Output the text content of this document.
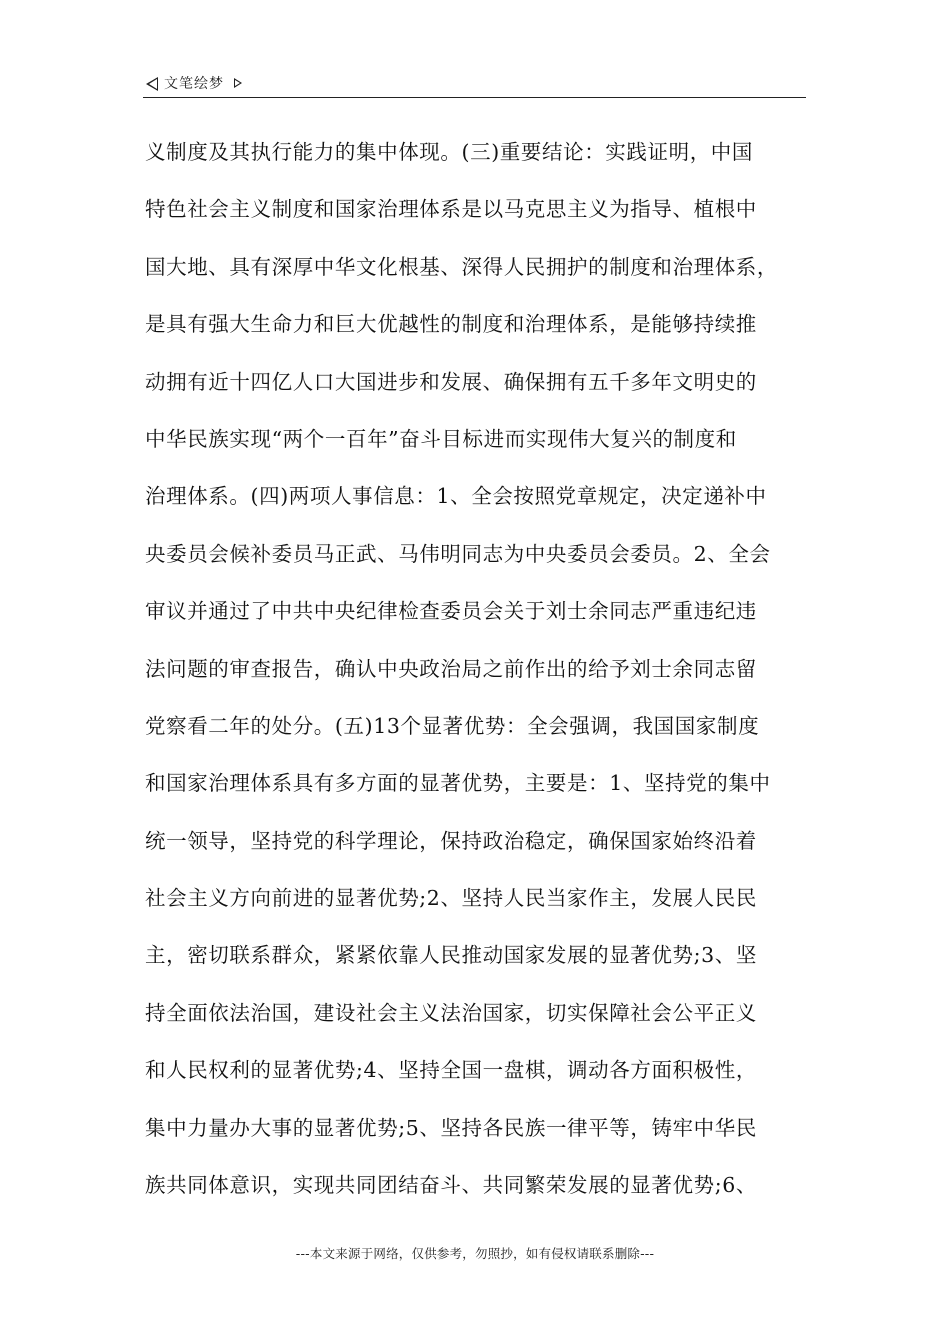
文笔绘梦
义制度及其执行能力的集中体现。(三)重要结论：实践证明，中国
特色社会主义制度和国家治理体系是以马克思主义为指导、植根中
国大地、具有深厚中华文化根基、深得人民拥护的制度和治理体系，
是具有强大生命力和巨大优越性的制度和治理体系，是能够持续推
动拥有近十四亿人口大国进步和发展、确保拥有五千多年文明史的
中华民族实现“两个一百年”奋斗目标进而实现伟大复兴的制度和
治理体系。(四)两项人事信息：1、全会按照党章规定，决定递补中
央委员会候补委员马正武、马伟明同志为中央委员会委员。2、全会
审议并通过了中共中央纪律检查委员会关于刘士余同志严重违纪违
法问题的审查报告，确认中央政治局之前作出的给予刘士余同志留
党察看二年的处分。(五)13个显著优势：全会强调，我国国家制度
和国家治理体系具有多方面的显著优势，主要是：1、坚持党的集中
统一领导，坚持党的科学理论，保持政治稳定，确保国家始终沿着
社会主义方向前进的显著优势;2、坚持人民当家作主，发展人民民
主，密切联系群众，紧紧依靠人民推动国家发展的显著优势;3、坚
持全面依法治国，建设社会主义法治国家，切实保障社会公平正义
和人民权利的显著优势;4、坚持全国一盘棋，调动各方面积极性，
集中力量办大事的显著优势;5、坚持各民族一律平等，铸牢中华民
族共同体意识，实现共同团结奋斗、共同繁荣发展的显著优势;6、
---本文来源于网络，仅供参考，勿照抄，如有侵权请联系删除---
